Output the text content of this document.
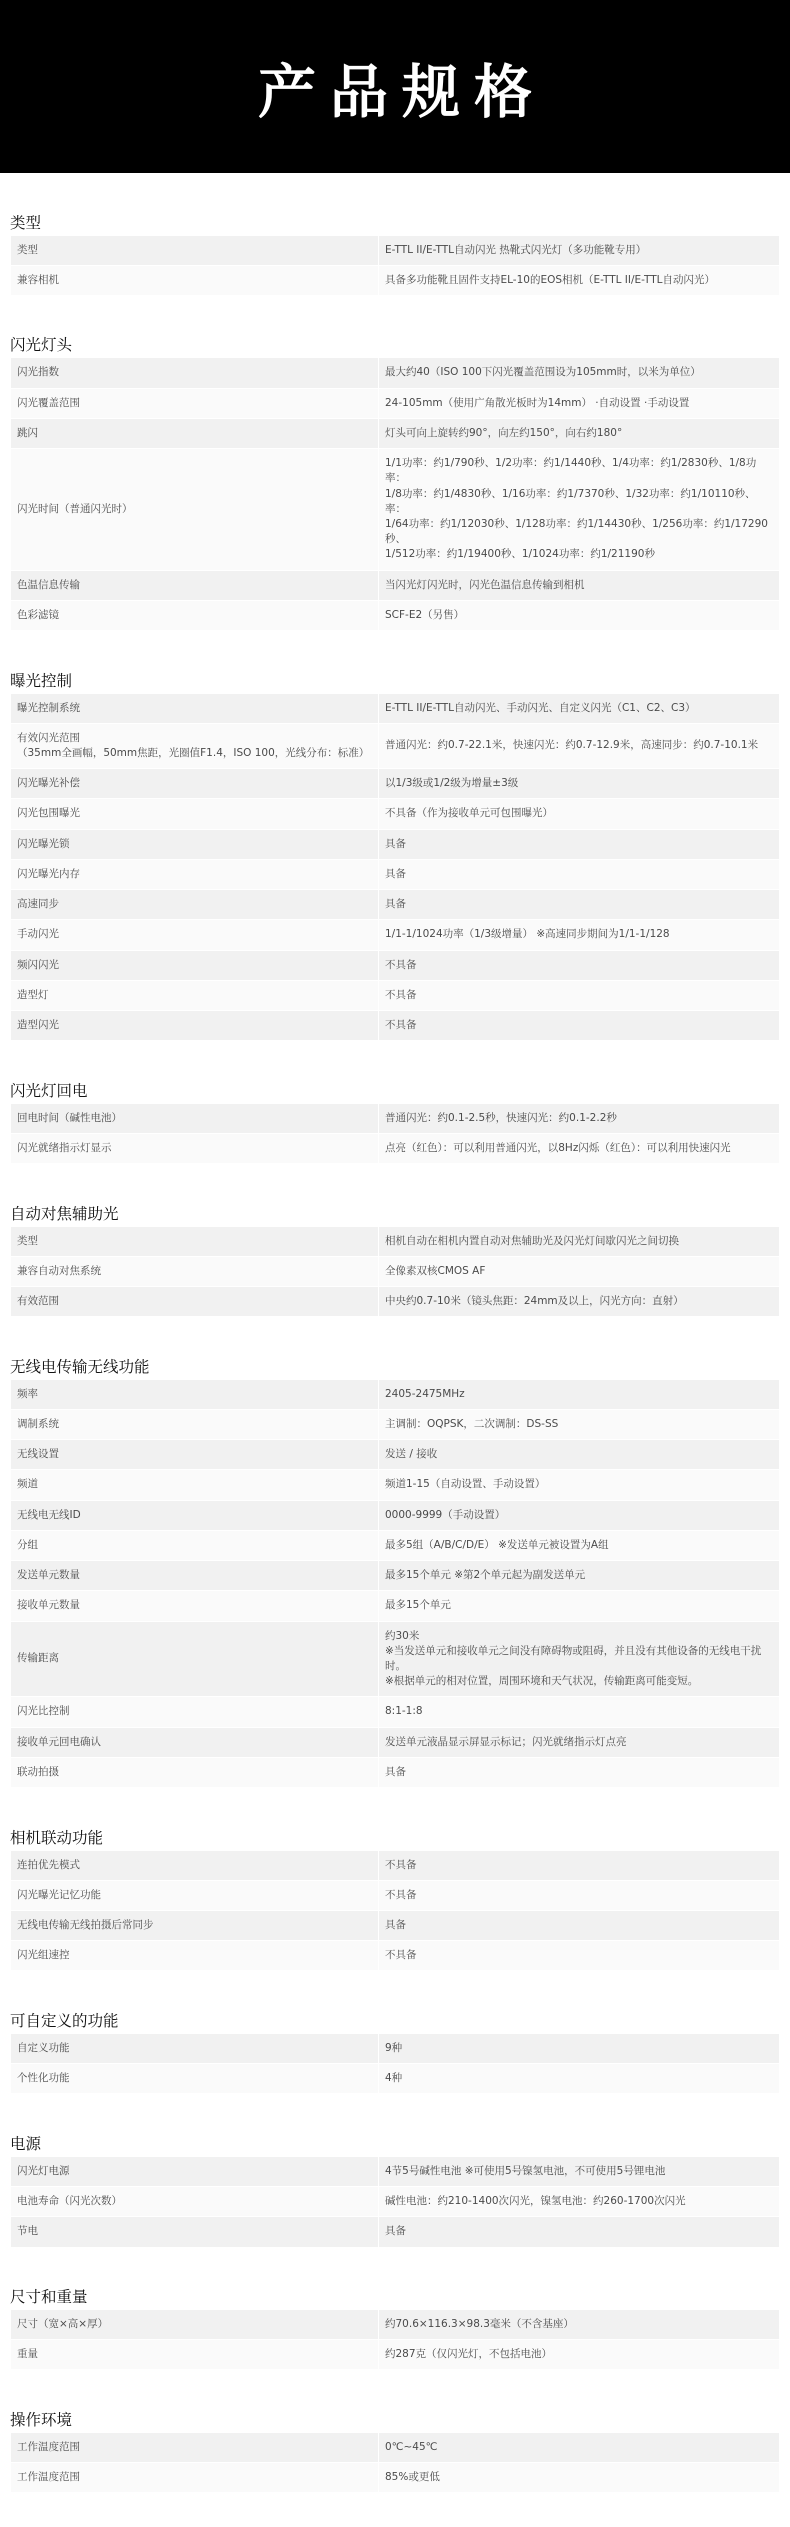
产品规格
类型
类型	E-TTL II/E-TTL自动闪光 热靴式闪光灯（多功能靴专用）
兼容相机	具备多功能靴且固件支持EL-10的EOS相机（E-TTL II/E-TTL自动闪光）
闪光灯头
闪光指数	最大约40（ISO 100下闪光覆盖范围设为105mm时，以米为单位）
闪光覆盖范围	24-105mm（使用广角散光板时为14mm） ·自动设置 ·手动设置
跳闪	灯头可向上旋转约90°，向左约150°，向右约180°
闪光时间（普通闪光时）	1/1功率：约1/790秒、1/2功率：约1/1440秒、1/4功率：约1/2830秒、1/8功率：
1/8功率：约1/4830秒、1/16功率：约1/7370秒、1/32功率：约1/10110秒、率：
1/64功率：约1/12030秒、1/128功率：约1/14430秒、1/256功率：约1/17290秒、
1/512功率：约1/19400秒、1/1024功率：约1/21190秒
色温信息传输	当闪光灯闪光时，闪光色温信息传输到相机
色彩滤镜	SCF-E2（另售）
曝光控制
曝光控制系统	E-TTL II/E-TTL自动闪光、手动闪光、自定义闪光（C1、C2、C3）
有效闪光范围
（35mm全画幅，50mm焦距，光圈值F1.4，ISO 100，光线分布：标准）	普通闪光：约0.7-22.1米，快速闪光：约0.7-12.9米，高速同步：约0.7-10.1米
闪光曝光补偿	以1/3级或1/2级为增量±3级
闪光包围曝光	不具备（作为接收单元可包围曝光）
闪光曝光锁	具备
闪光曝光内存	具备
高速同步	具备
手动闪光	1/1-1/1024功率（1/3级增量） ※高速同步期间为1/1-1/128
频闪闪光	不具备
造型灯	不具备
造型闪光	不具备
闪光灯回电
回电时间（碱性电池）	普通闪光：约0.1-2.5秒，快速闪光：约0.1-2.2秒
闪光就绪指示灯显示	点亮（红色）：可以利用普通闪光，以8Hz闪烁（红色）：可以利用快速闪光
自动对焦辅助光
类型	相机自动在相机内置自动对焦辅助光及闪光灯间歇闪光之间切换
兼容自动对焦系统	全像素双核CMOS AF
有效范围	中央约0.7-10米（镜头焦距：24mm及以上，闪光方向：直射）
无线电传输无线功能
频率	2405-2475MHz
调制系统	主调制：OQPSK，二次调制：DS-SS
无线设置	发送 / 接收
频道	频道1-15（自动设置、手动设置）
无线电无线ID	0000-9999（手动设置）
分组	最多5组（A/B/C/D/E） ※发送单元被设置为A组
发送单元数量	最多15个单元 ※第2个单元起为副发送单元
接收单元数量	最多15个单元
传输距离	约30米
※当发送单元和接收单元之间没有障碍物或阻碍，并且没有其他设备的无线电干扰时。
※根据单元的相对位置，周围环境和天气状况，传输距离可能变短。
闪光比控制	8:1-1:8
接收单元回电确认	发送单元液晶显示屏显示标记；闪光就绪指示灯点亮
联动拍摄	具备
相机联动功能
连拍优先模式	不具备
闪光曝光记忆功能	不具备
无线电传输无线拍摄后常同步	具备
闪光组速控	不具备
可自定义的功能
自定义功能	9种
个性化功能	4种
电源
闪光灯电源	4节5号碱性电池 ※可使用5号镍氢电池，不可使用5号锂电池
电池寿命（闪光次数）	碱性电池：约210-1400次闪光，镍氢电池：约260-1700次闪光
节电	具备
尺寸和重量
尺寸（宽×高×厚）	约70.6×116.3×98.3毫米（不含基座）
重量	约287克（仅闪光灯，不包括电池）
操作环境
工作温度范围	0℃~45℃
工作温度范围	85%或更低
